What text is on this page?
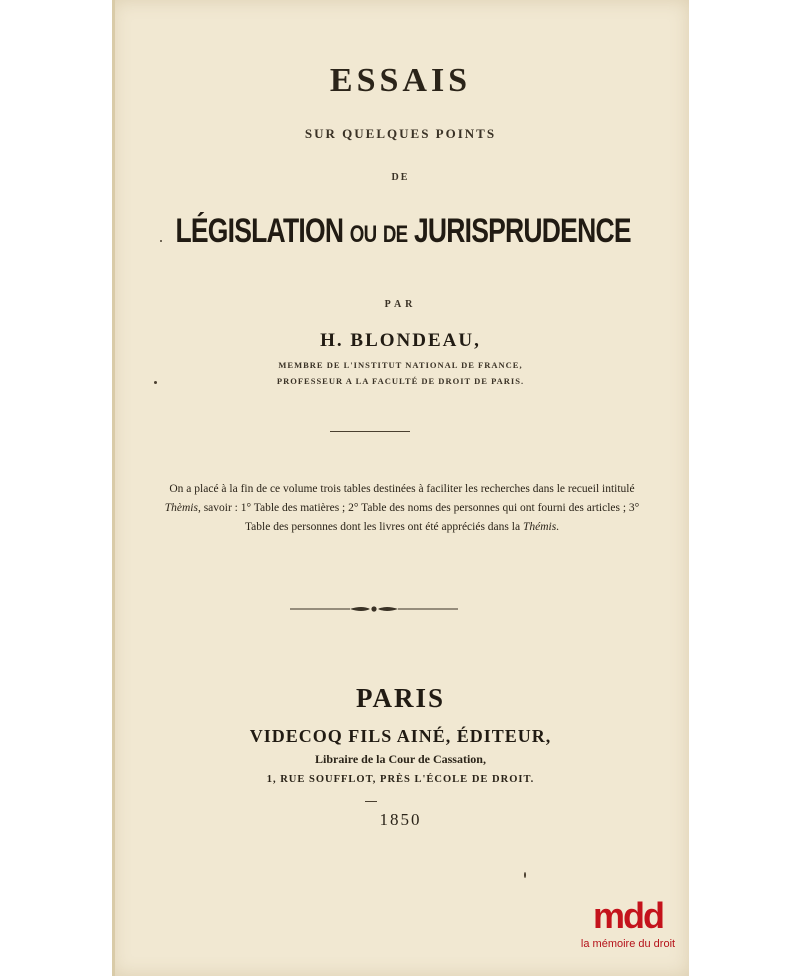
ESSAIS
SUR QUELQUES POINTS
DE
LÉGISLATION OU DE JURISPRUDENCE
PAR
H. BLONDEAU,
MEMBRE DE L'INSTITUT NATIONAL DE FRANCE,
PROFESSEUR A LA FACULTÉ DE DROIT DE PARIS.
On a placé à la fin de ce volume trois tables destinées à faciliter les recherches dans le recueil intitulé Thèmis, savoir : 1° Table des matières ; 2° Table des noms des personnes qui ont fourni des articles ; 3° Table des personnes dont les livres ont été appréciés dans la Thémis.
PARIS
VIDECOQ FILS AINÉ, ÉDITEUR,
Libraire de la Cour de Cassation,
1, RUE SOUFFLOT, PRÈS L'ÉCOLE DE DROIT.
1850
mdd
la mémoire du droit
